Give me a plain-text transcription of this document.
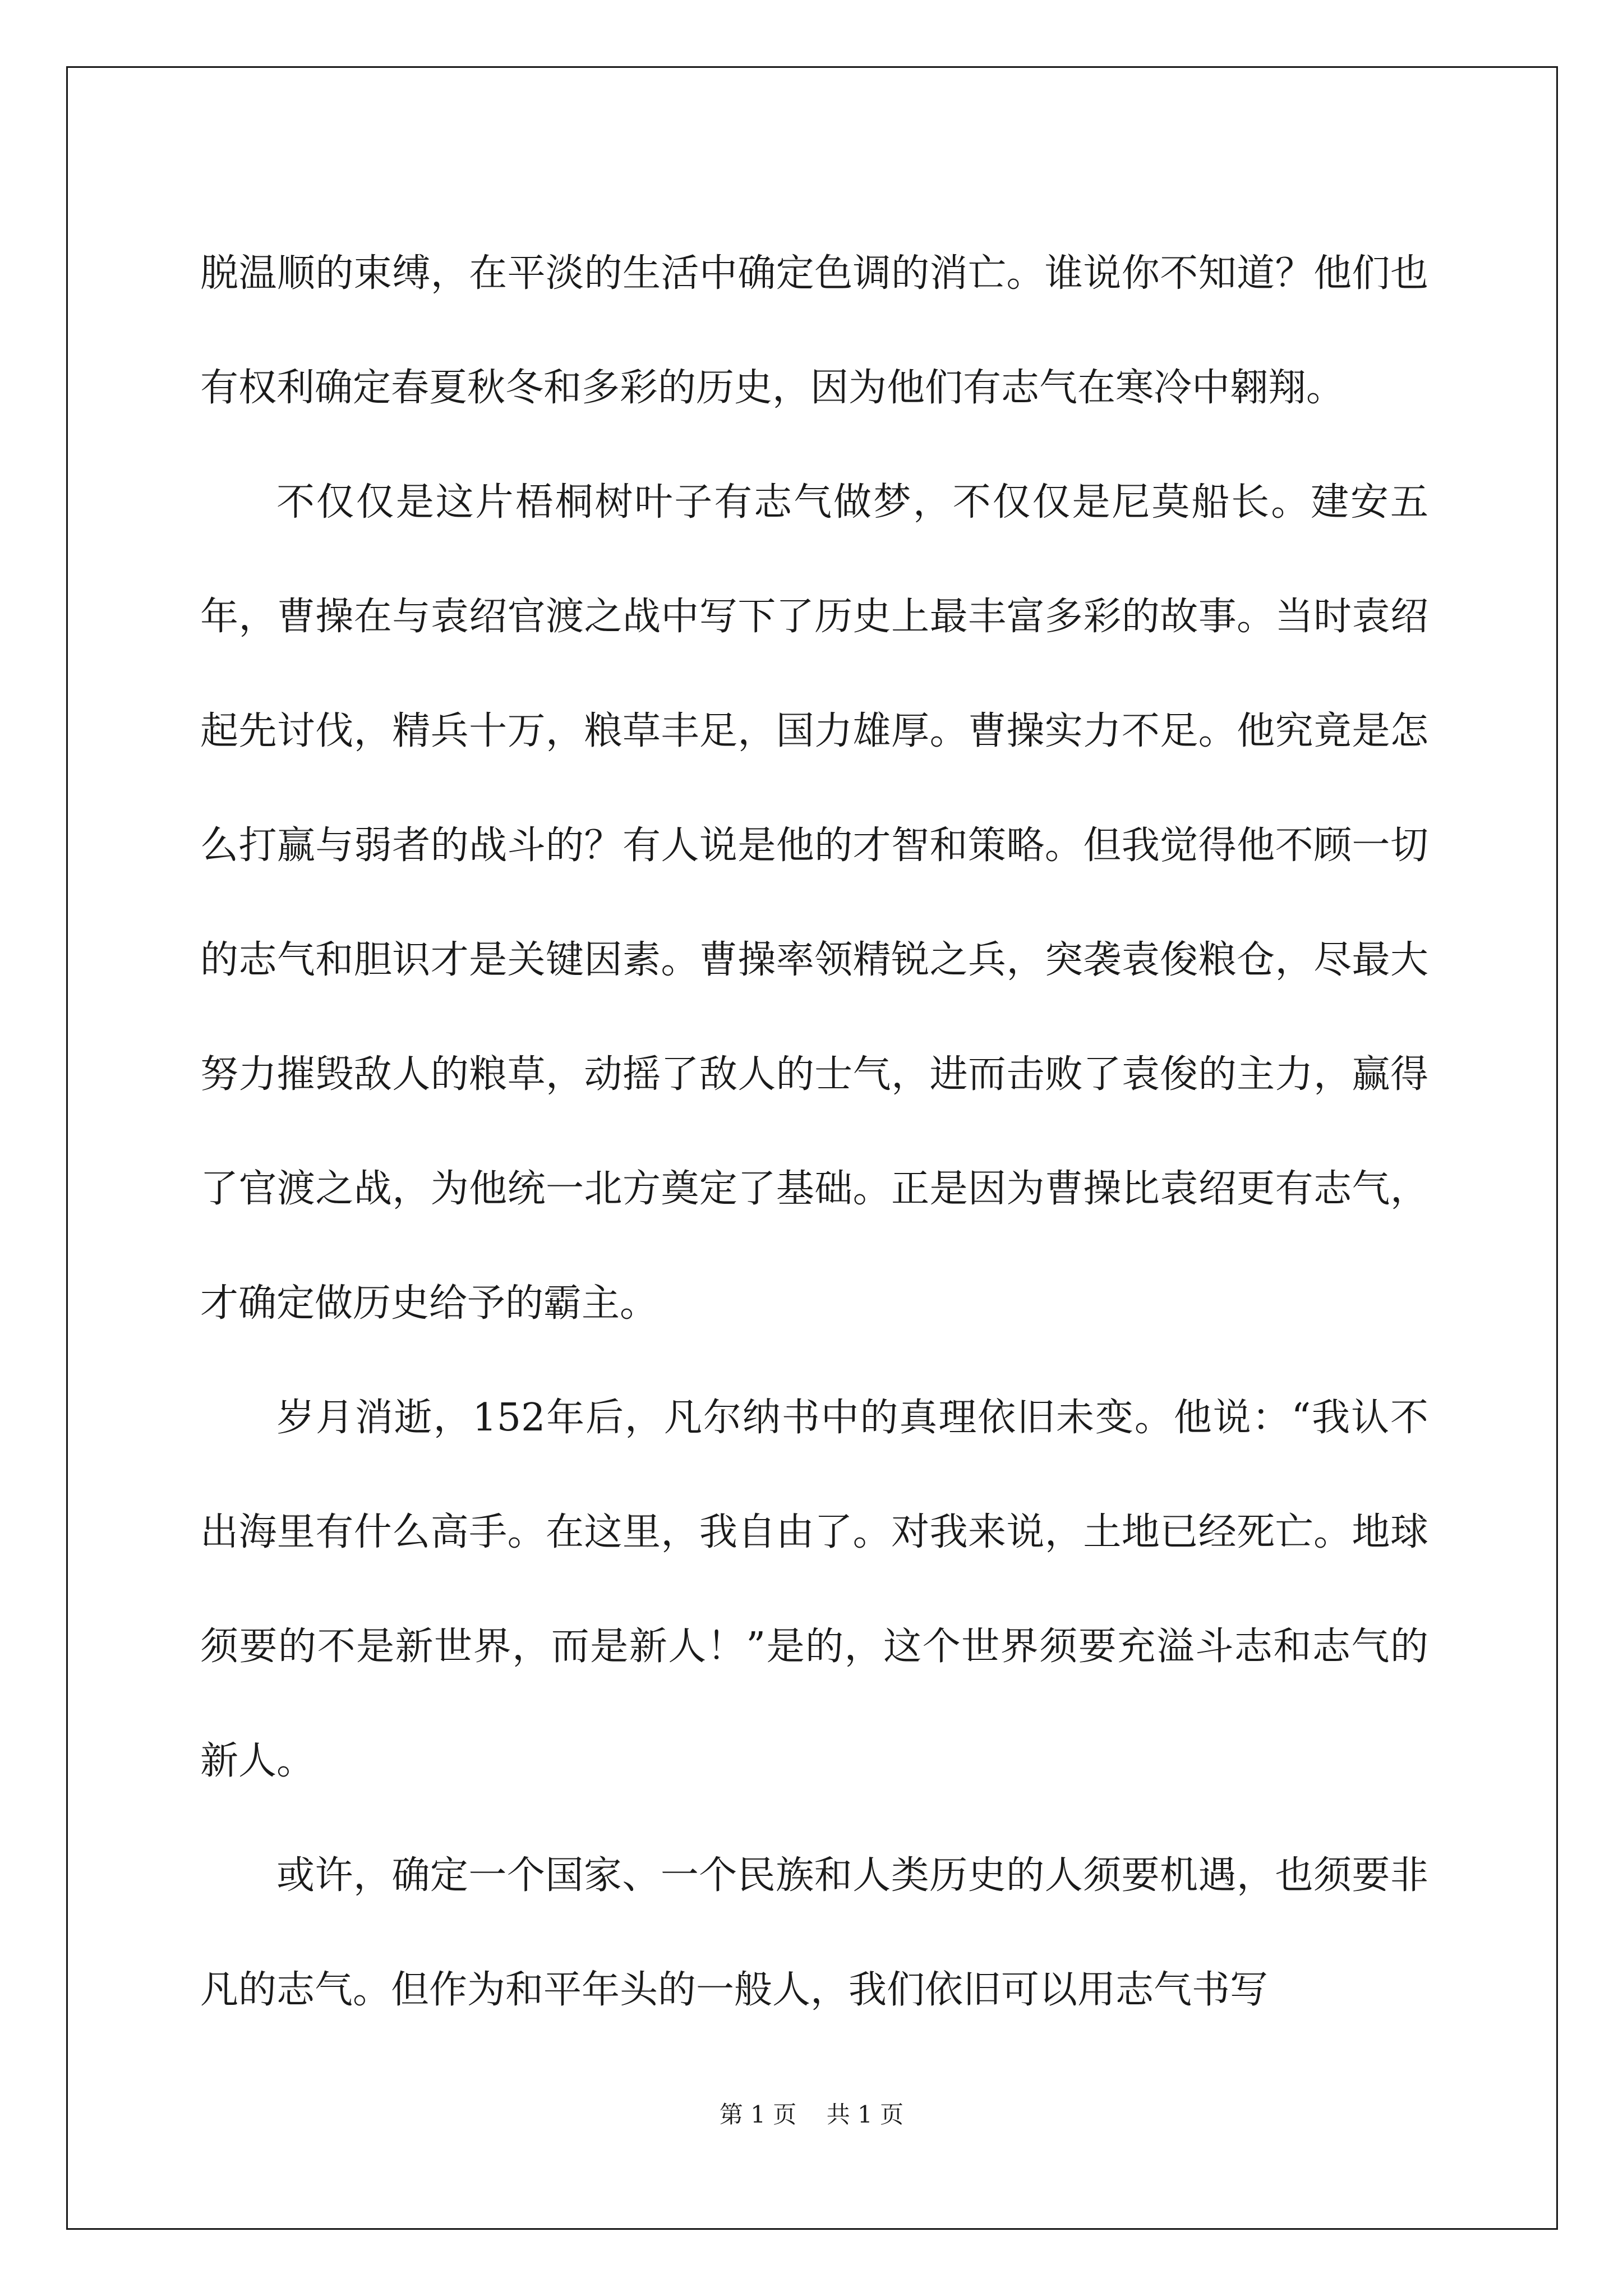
脱温顺的束缚，在平淡的生活中确定色调的消亡。谁说你不知道？他们也有权利确定春夏秋冬和多彩的历史，因为他们有志气在寒冷中翱翔。

不仅仅是这片梧桐树叶子有志气做梦，不仅仅是尼莫船长。建安五年，曹操在与袁绍官渡之战中写下了历史上最丰富多彩的故事。当时袁绍起先讨伐，精兵十万，粮草丰足，国力雄厚。曹操实力不足。他究竟是怎么打赢与弱者的战斗的？有人说是他的才智和策略。但我觉得他不顾一切的志气和胆识才是关键因素。曹操率领精锐之兵，突袭袁俊粮仓，尽最大努力摧毁敌人的粮草，动摇了敌人的士气，进而击败了袁俊的主力，赢得了官渡之战，为他统一北方奠定了基础。正是因为曹操比袁绍更有志气，才确定做历史给予的霸主。

岁月消逝，152年后，凡尔纳书中的真理依旧未变。他说：“我认不出海里有什么高手。在这里，我自由了。对我来说，土地已经死亡。地球须要的不是新世界，而是新人！”是的，这个世界须要充溢斗志和志气的新人。

或许，确定一个国家、一个民族和人类历史的人须要机遇，也须要非凡的志气。但作为和平年头的一般人，我们依旧可以用志气书写

第 1 页    共 1 页
